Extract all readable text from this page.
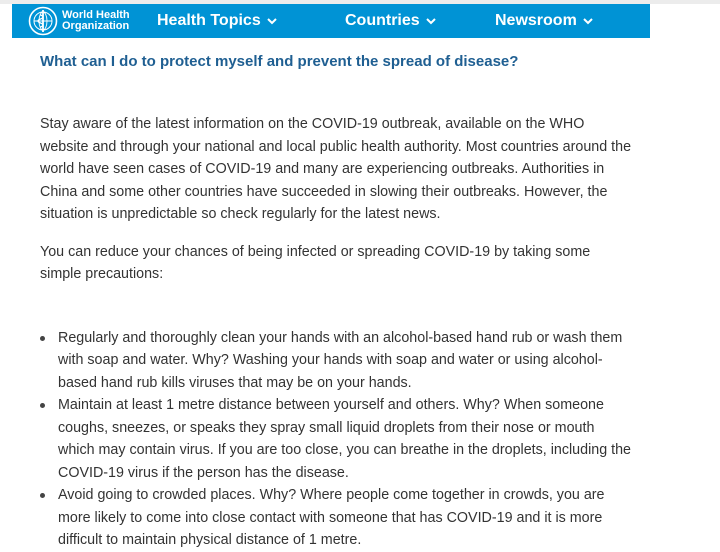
World Health
Organization Health Topics	Countries	Newsroom
What can I do to protect myself and prevent the spread of disease?

Stay aware of the latest information on the COVID-19 outbreak, available on the WHO
website and through your national and local public health authority. Most countries around the
world have seen cases of COVID-19 and many are experiencing outbreaks. Authorities in
China and some other countries have succeeded in slowing their outbreaks. However, the
situation is unpredictable so check regularly for the latest news.

You can reduce your chances of being infected or spreading COVID-19 by taking some
simple precautions:

Regularly and thoroughly clean your hands with an alcohol-based hand rub or wash them
with soap and water. Why? Washing your hands with soap and water or using alcohol-
based hand rub kills viruses that may be on your hands.
Maintain at least 1 metre distance between yourself and others. Why? When someone
coughs, sneezes, or speaks they spray small liquid droplets from their nose or mouth
which may contain virus. If you are too close, you can breathe in the droplets, including the
COVID-19 virus if the person has the disease.
Avoid going to crowded places. Why? Where people come together in crowds, you are
more likely to come into close contact with someone that has COVID-19 and it is more
difficult to maintain physical distance of 1 metre.
